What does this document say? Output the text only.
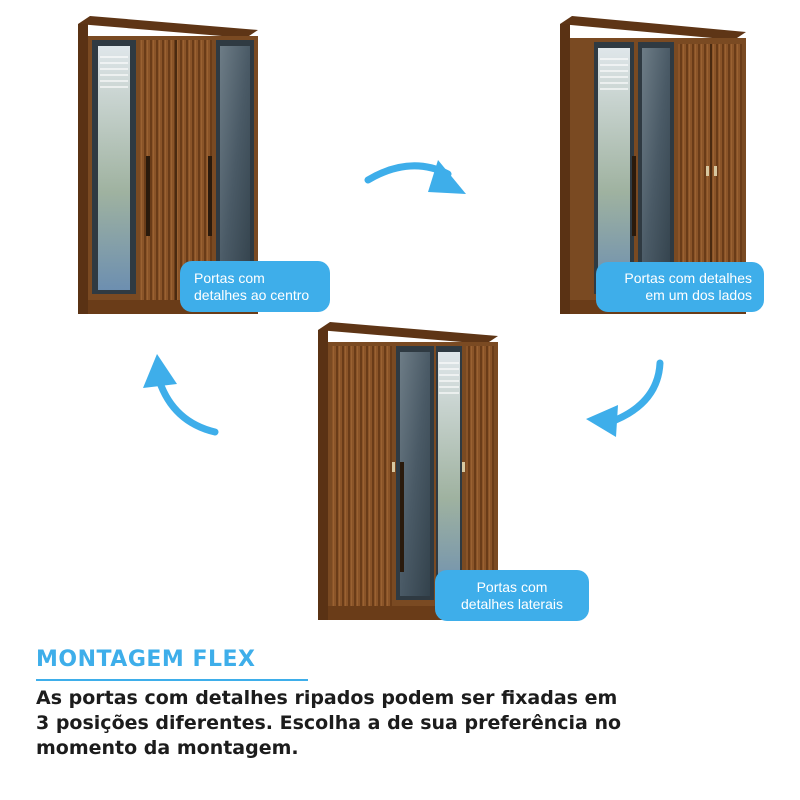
Portas com
detalhes ao centro
Portas com detalhes
em um dos lados
Portas com
detalhes laterais
MONTAGEM FLEX
As portas com detalhes ripados podem ser fixadas em
3 posições diferentes. Escolha a de sua preferência no
momento da montagem.
